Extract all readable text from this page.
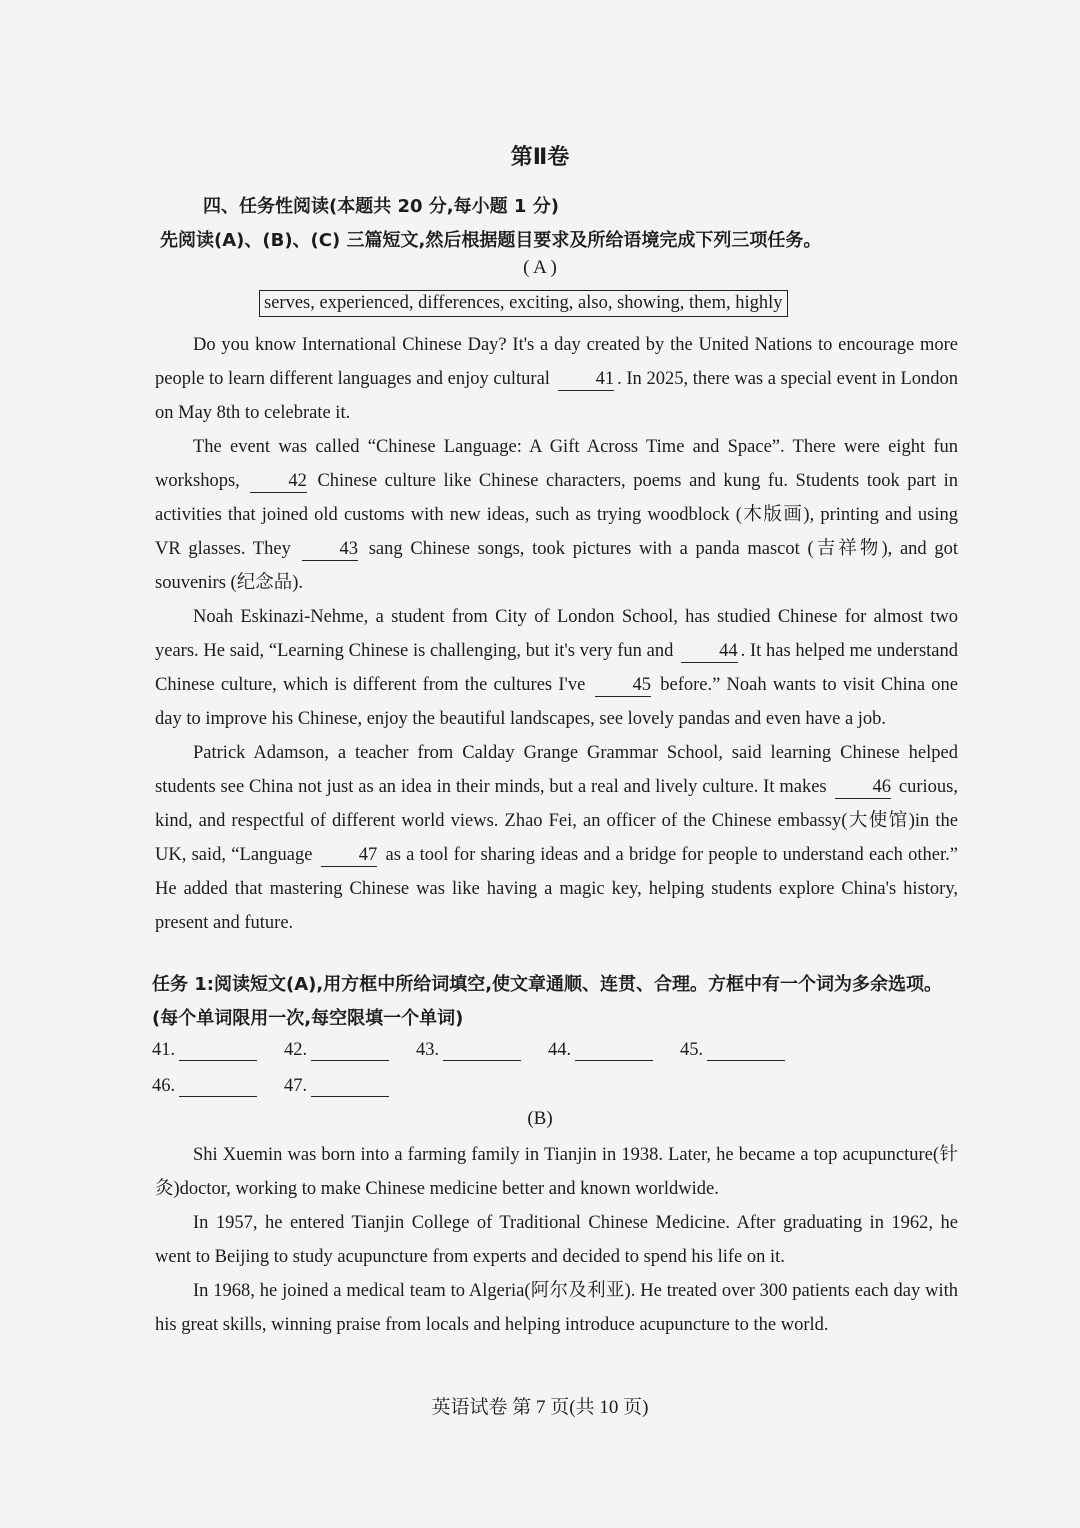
第Ⅱ卷
四、任务性阅读(本题共 20 分,每小题 1 分)
先阅读(A)、(B)、(C) 三篇短文,然后根据题目要求及所给语境完成下列三项任务。
( A )
serves, experienced, differences, exciting, also, showing, them, highly

Do you know International Chinese Day? It's a day created by the United Nations to encourage more people to learn different languages and enjoy cultural 41 . In 2025, there was a special event in London on May 8th to celebrate it.

The event was called “Chinese Language: A Gift Across Time and Space”. There were eight fun workshops,	42 Chinese culture like Chinese characters, poems and kung fu. Students took part in activities that joined old customs with new ideas, such as trying woodblock (木版画), printing and using VR glasses. They	43 sang Chinese songs, took pictures with a panda mascot (吉祥物), and got souvenirs (纪念品).

Noah Eskinazi-Nehme, a student from City of London School, has studied Chinese for almost two years. He said, “Learning Chinese is challenging, but it's very fun and 44 . It has helped me understand Chinese culture, which is different from the cultures I've	45 before.” Noah wants to visit China one day to improve his Chinese, enjoy the beautiful landscapes, see lovely pandas and even have a job.

Patrick Adamson, a teacher from Calday Grange Grammar School, said learning Chinese helped students see China not just as an idea in their minds, but a real and lively culture. It makes 46 curious, kind, and respectful of different world views. Zhao Fei, an officer of the Chinese embassy(大使馆)in the UK, said, “Language	47 as a tool for sharing ideas and a bridge for people to understand each other.” He added that mastering Chinese was like having a magic key, helping students explore China's history, present and future.

任务 1:阅读短文(A),用方框中所给词填空,使文章通顺、连贯、合理。方框中有一个词为多余选项。(每个单词限用一次,每空限填一个单词)
41.	42.	43.	44.	45.
46.	47.
(B)

Shi Xuemin was born into a farming family in Tianjin in 1938. Later, he became a top acupuncture(针灸)doctor, working to make Chinese medicine better and known worldwide.

In 1957, he entered Tianjin College of Traditional Chinese Medicine. After graduating in 1962, he went to Beijing to study acupuncture from experts and decided to spend his life on it.

In 1968, he joined a medical team to Algeria(阿尔及利亚). He treated over 300 patients each day with his great skills, winning praise from locals and helping introduce acupuncture to the world.

英语试卷 第 7 页(共 10 页)
